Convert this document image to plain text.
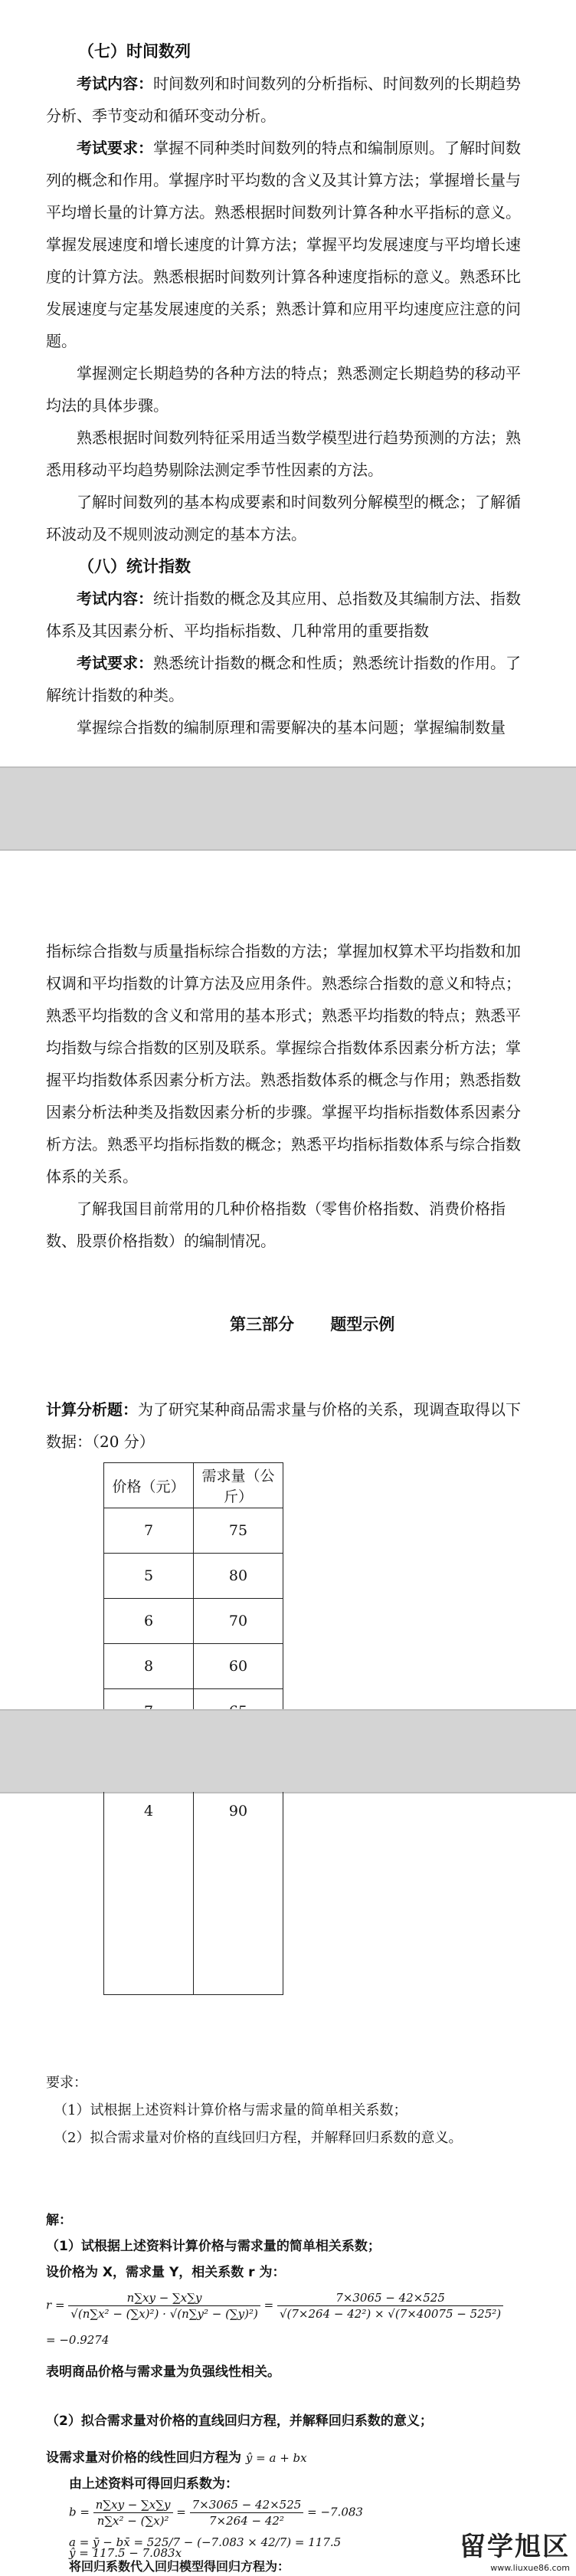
（七）时间数列

考试内容：时间数列和时间数列的分析指标、时间数列的长期趋势分析、季节变动和循环变动分析。

考试要求：掌握不同种类时间数列的特点和编制原则。了解时间数列的概念和作用。掌握序时平均数的含义及其计算方法；掌握增长量与平均增长量的计算方法。熟悉根据时间数列计算各种水平指标的意义。掌握发展速度和增长速度的计算方法；掌握平均发展速度与平均增长速度的计算方法。熟悉根据时间数列计算各种速度指标的意义。熟悉环比发展速度与定基发展速度的关系；熟悉计算和应用平均速度应注意的问题。

掌握测定长期趋势的各种方法的特点；熟悉测定长期趋势的移动平均法的具体步骤。

熟悉根据时间数列特征采用适当数学模型进行趋势预测的方法；熟悉用移动平均趋势剔除法测定季节性因素的方法。

了解时间数列的基本构成要素和时间数列分解模型的概念；了解循环波动及不规则波动测定的基本方法。

（八）统计指数

考试内容：统计指数的概念及其应用、总指数及其编制方法、指数体系及其因素分析、平均指标指数、几种常用的重要指数

考试要求：熟悉统计指数的概念和性质；熟悉统计指数的作用。了解统计指数的种类。

掌握综合指数的编制原理和需要解决的基本问题；掌握编制数量

指标综合指数与质量指标综合指数的方法；掌握加权算术平均指数和加权调和平均指数的计算方法及应用条件。熟悉综合指数的意义和特点；熟悉平均指数的含义和常用的基本形式；熟悉平均指数的特点；熟悉平均指数与综合指数的区别及联系。掌握综合指数体系因素分析方法；掌握平均指数体系因素分析方法。熟悉指数体系的概念与作用；熟悉指数因素分析法种类及指数因素分析的步骤。掌握平均指标指数体系因素分析方法。熟悉平均指标指数的概念；熟悉平均指标指数体系与综合指数体系的关系。

了解我国目前常用的几种价格指数（零售价格指数、消费价格指数、股票价格指数）的编制情况。

第三部分 题型示例
计算分析题：为了研究某种商品需求量与价格的关系，现调查取得以下数据：（20 分）
价格（元）	需求量（公斤）
7	75
5	80
6	70
8	60

4	90
要求：
（1）试根据上述资料计算价格与需求量的简单相关系数；
（2）拟合需求量对价格的直线回归方程，并解释回归系数的意义。
解：
（1）试根据上述资料计算价格与需求量的简单相关系数；
设价格为 X，需求量 Y，相关系数 r 为：
$r = \frac{n\sum xy - \sum x\sum y}{\text{√(n∑x² − (∑x)²) · √(n∑y² − (∑y)²)}} = \frac{7\times 3065 - 42\times 525}{\text{√(7×264 − 42²) × √(7×40075 − 525²)}}$
= −0.9274
表明商品价格与需求量为负强线性相关。
（2）拟合需求量对价格的直线回归方程，并解释回归系数的意义；
设需求量对价格的线性回归方程为 ŷ = a + bx
由上述资料可得回归系数为：
$b = \frac{n\sum xy - \sum x\sum y}{\text{n∑x² − (∑x)²}} = \frac{7\times 3065 - 42\times 525}{\text{7×264 − 42²}} = -7.083$
a = ȳ − bx̄ = 525/7 − (−7.083 × 42/7) = 117.5
将回归系数代入回归模型得回归方程为：
留学旭区
www.liuxue86.com
ŷ = 117.5 − 7.083x
